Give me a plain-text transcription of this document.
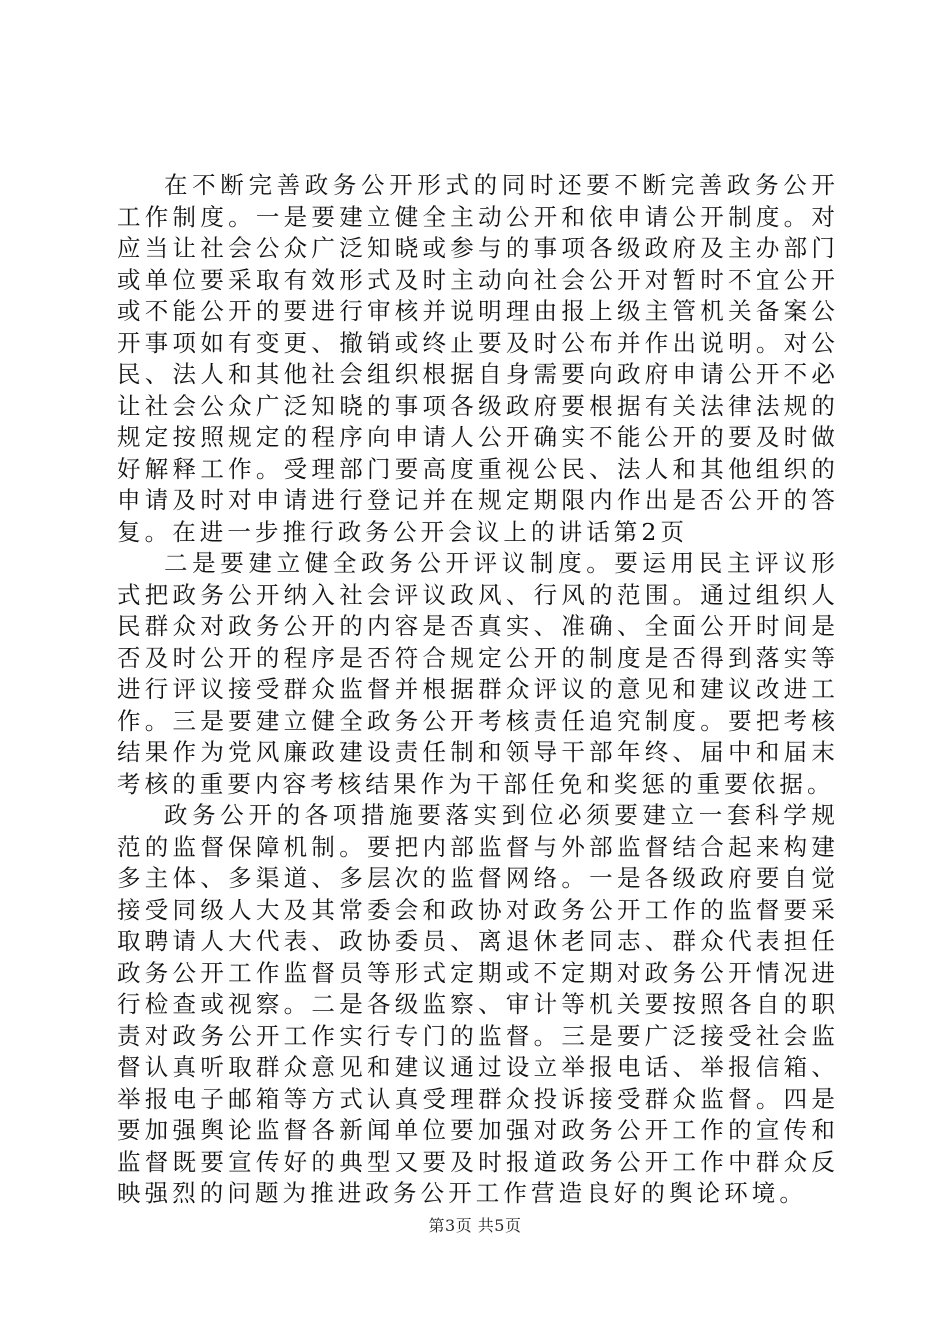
在不断完善政务公开形式的同时还要不断完善政务公开工作制度。一是要建立健全主动公开和依申请公开制度。对应当让社会公众广泛知晓或参与的事项各级政府及主办部门或单位要采取有效形式及时主动向社会公开对暂时不宜公开或不能公开的要进行审核并说明理由报上级主管机关备案公开事项如有变更、撤销或终止要及时公布并作出说明。对公民、法人和其他社会组织根据自身需要向政府申请公开不必让社会公众广泛知晓的事项各级政府要根据有关法律法规的规定按照规定的程序向申请人公开确实不能公开的要及时做好解释工作。受理部门要高度重视公民、法人和其他组织的申请及时对申请进行登记并在规定期限内作出是否公开的答复。在进一步推行政务公开会议上的讲话第2页

二是要建立健全政务公开评议制度。要运用民主评议形式把政务公开纳入社会评议政风、行风的范围。通过组织人民群众对政务公开的内容是否真实、准确、全面公开时间是否及时公开的程序是否符合规定公开的制度是否得到落实等进行评议接受群众监督并根据群众评议的意见和建议改进工作。三是要建立健全政务公开考核责任追究制度。要把考核结果作为党风廉政建设责任制和领导干部年终、届中和届末考核的重要内容考核结果作为干部任免和奖惩的重要依据。

政务公开的各项措施要落实到位必须要建立一套科学规范的监督保障机制。要把内部监督与外部监督结合起来构建多主体、多渠道、多层次的监督网络。一是各级政府要自觉接受同级人大及其常委会和政协对政务公开工作的监督要采取聘请人大代表、政协委员、离退休老同志、群众代表担任政务公开工作监督员等形式定期或不定期对政务公开情况进行检查或视察。二是各级监察、审计等机关要按照各自的职责对政务公开工作实行专门的监督。三是要广泛接受社会监督认真听取群众意见和建议通过设立举报电话、举报信箱、举报电子邮箱等方式认真受理群众投诉接受群众监督。四是要加强舆论监督各新闻单位要加强对政务公开工作的宣传和监督既要宣传好的典型又要及时报道政务公开工作中群众反映强烈的问题为推进政务公开工作营造良好的舆论环境。

第3页 共5页
